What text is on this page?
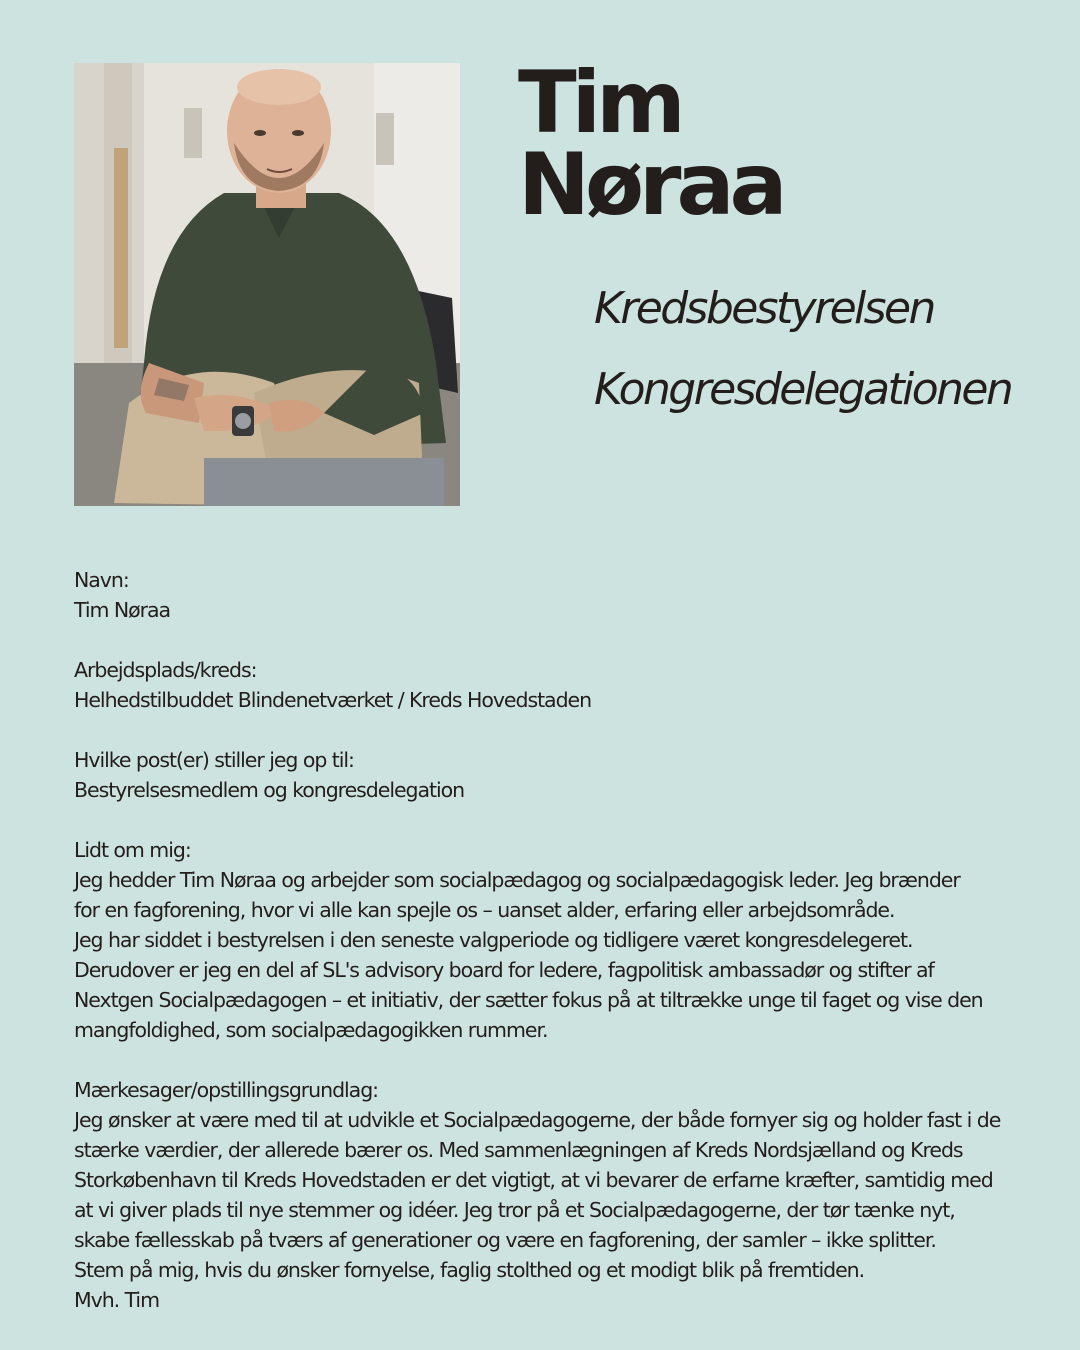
Tim
Nøraa
Kredsbestyrelsen
Kongresdelegationen
Navn:
Tim Nøraa
Arbejdsplads/kreds:
Helhedstilbuddet Blindenetværket / Kreds Hovedstaden
Hvilke post(er) stiller jeg op til:
Bestyrelsesmedlem og kongresdelegation
Lidt om mig:
Jeg hedder Tim Nøraa og arbejder som socialpædagog og socialpædagogisk leder. Jeg brænder
for en fagforening, hvor vi alle kan spejle os – uanset alder, erfaring eller arbejdsområde.
Jeg har siddet i bestyrelsen i den seneste valgperiode og tidligere været kongresdelegeret.
Derudover er jeg en del af SL's advisory board for ledere, fagpolitisk ambassadør og stifter af
Nextgen Socialpædagogen – et initiativ, der sætter fokus på at tiltrække unge til faget og vise den
mangfoldighed, som socialpædagogikken rummer.
Mærkesager/opstillingsgrundlag:
Jeg ønsker at være med til at udvikle et Socialpædagogerne, der både fornyer sig og holder fast i de
stærke værdier, der allerede bærer os. Med sammenlægningen af Kreds Nordsjælland og Kreds
Storkøbenhavn til Kreds Hovedstaden er det vigtigt, at vi bevarer de erfarne kræfter, samtidig med
at vi giver plads til nye stemmer og idéer. Jeg tror på et Socialpædagogerne, der tør tænke nyt,
skabe fællesskab på tværs af generationer og være en fagforening, der samler – ikke splitter.
Stem på mig, hvis du ønsker fornyelse, faglig stolthed og et modigt blik på fremtiden.
Mvh. Tim
